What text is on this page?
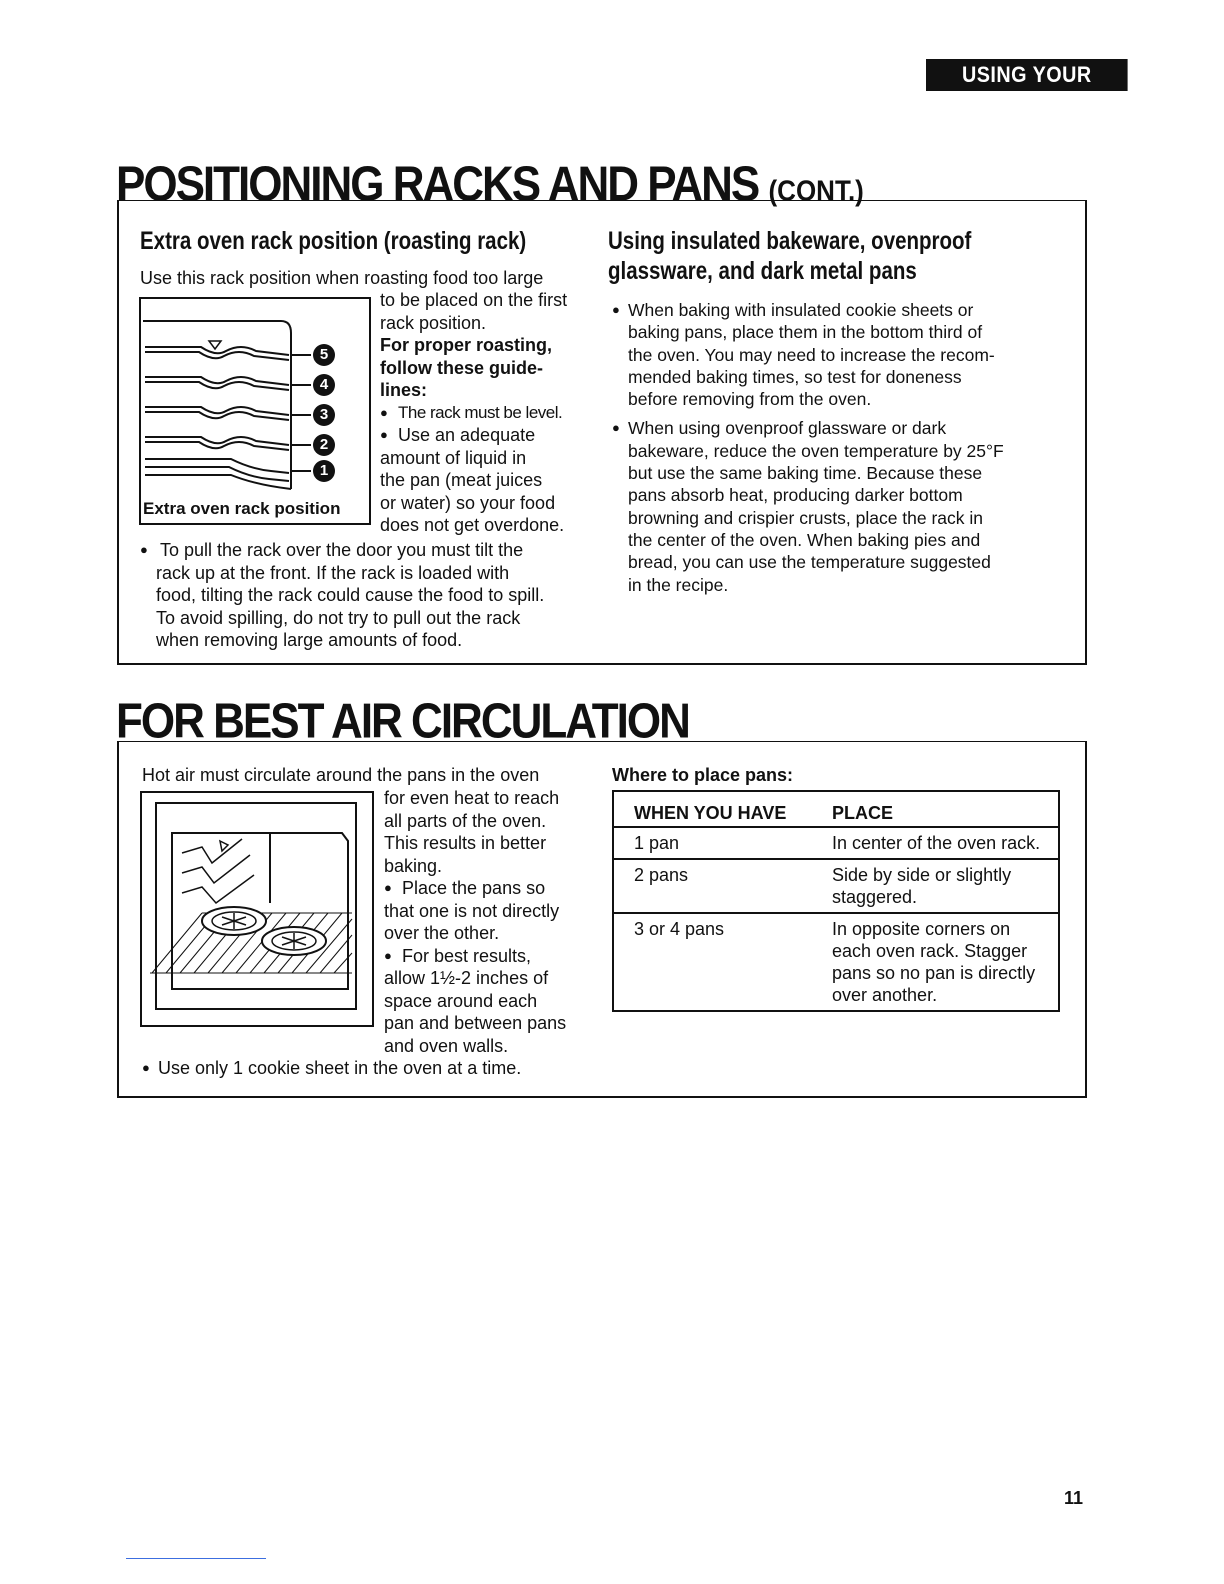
USING YOUR RANGE
POSITIONING RACKS AND PANS (CONT.)
Extra oven rack position (roasting rack)

Use this rack position when roasting food too large

5
4
3
2
1
Extra oven rack position

to be placed on the first

rack position.

For proper roasting,

follow these guide-

lines:

● The rack must be level.

● Use an adequate

amount of liquid in

the pan (meat juices

or water) so your food

does not get overdone.

● To pull the rack over the door you must tilt the

rack up at the front. If the rack is loaded with

food, tilting the rack could cause the food to spill.

To avoid spilling, do not try to pull out the rack

when removing large amounts of food.

Using insulated bakeware, ovenproof
glassware, and dark metal pans

● When baking with insulated cookie sheets or

baking pans, place them in the bottom third of

the oven. You may need to increase the recom-

mended baking times, so test for doneness

before removing from the oven.

● When using ovenproof glassware or dark

bakeware, reduce the oven temperature by 25°F

but use the same baking time. Because these

pans absorb heat, producing darker bottom

browning and crispier crusts, place the rack in

the center of the oven. When baking pies and

bread, you can use the temperature suggested

in the recipe.

FOR BEST AIR CIRCULATION

Hot air must circulate around the pans in the oven

for even heat to reach

all parts of the oven.

This results in better

baking.

● Place the pans so

that one is not directly

over the other.

● For best results,

allow 1½-2 inches of

space around each

pan and between pans

and oven walls.

● Use only 1 cookie sheet in the oven at a time.

Where to place pans:
WHEN YOU HAVE	PLACE
1 pan	In center of the oven rack.
2 pans	Side by side or slightly staggered.
3 or 4 pans	In opposite corners on each oven rack. Stagger pans so no pan is directly over another.
11
